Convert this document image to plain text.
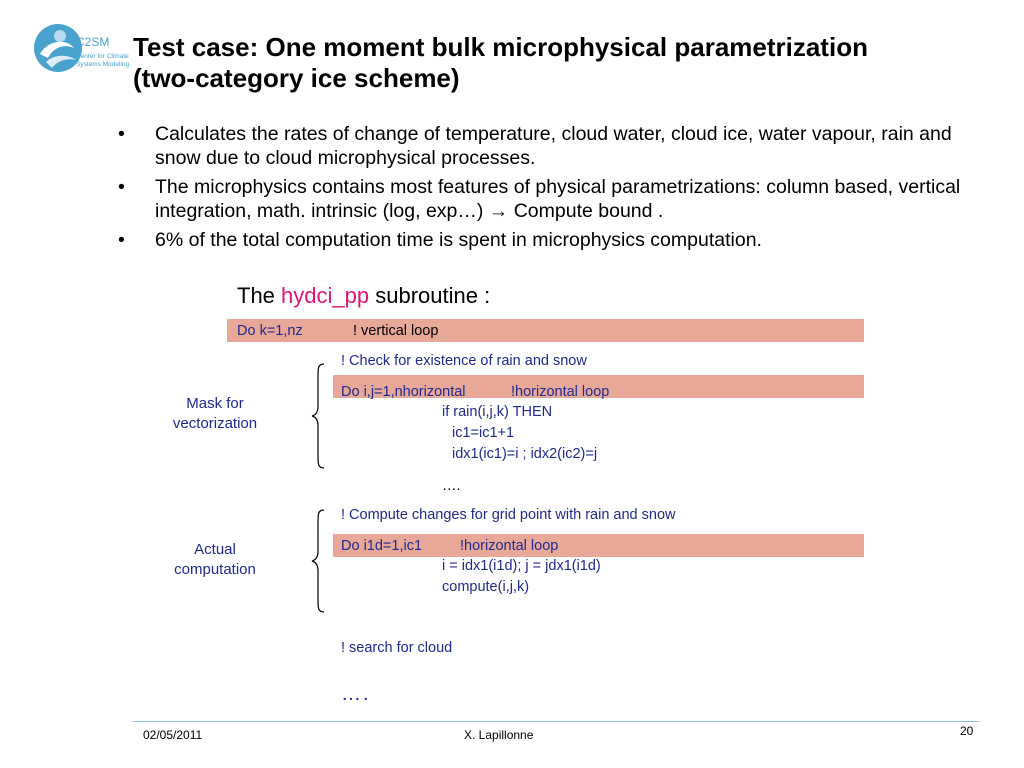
C2SM
Center for Climate
Systems Modeling
Test case: One moment bulk microphysical parametrization
(two-category ice scheme)
• Calculates the rates of change of temperature, cloud water, cloud ice, water vapour, rain and snow due to cloud microphysical processes.
• The microphysics contains most features of physical parametrizations: column based, vertical integration, math. intrinsic (log, exp…) → Compute bound .
• 6% of the total computation time is spent in microphysics computation.
The hydci_pp subroutine :
Do k=1,nz	! vertical loop
! Check for existence of rain and snow
Do i,j=1,nhorizontal	!horizontal loop
if rain(i,j,k) THEN
ic1=ic1+1
idx1(ic1)=i ; idx2(ic2)=j
….
Mask for
vectorization
! Compute changes for grid point with rain and snow
Do i1d=1,ic1	!horizontal loop
i = idx1(i1d); j = jdx1(i1d)
compute(i,j,k)
Actual
computation
! search for cloud
….
02/05/2011	X. Lapillonne	20
